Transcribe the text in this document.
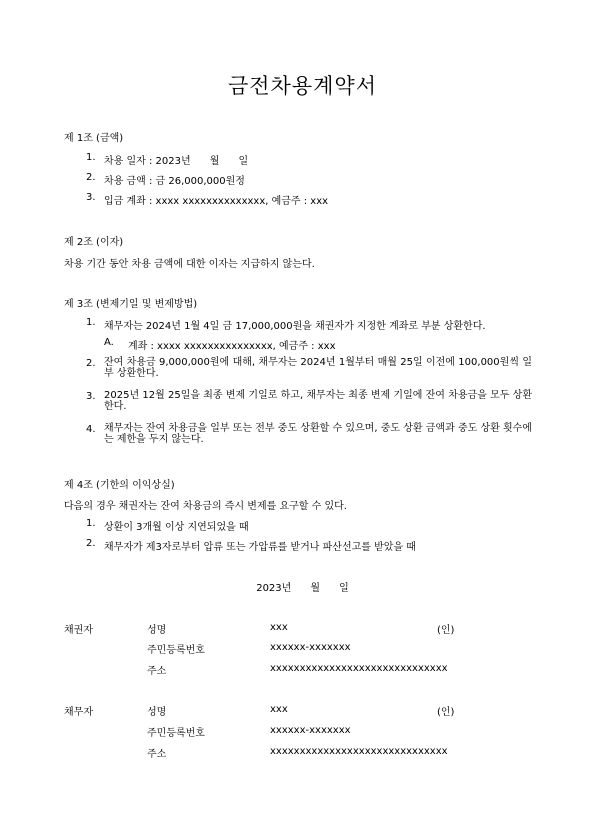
금전차용계약서
제 1조 (금액)
1. 차용 일자 : 2023년      월      일
2. 차용 금액 : 금 26,000,000원정
3. 입금 계좌 : xxxx xxxxxxxxxxxxxx, 예금주 : xxx
제 2조 (이자)
차용 기간 동안 차용 금액에 대한 이자는 지급하지 않는다.
제 3조 (변제기일 및 변제방법)
1. 채무자는 2024년 1월 4일 금 17,000,000원을 채권자가 지정한 계좌로 부분 상환한다.
A. 계좌 : xxxx xxxxxxxxxxxxxxx, 예금주 : xxx
2. 잔여 차용금 9,000,000원에 대해, 채무자는 2024년 1월부터 매월 25일 이전에 100,000원씩 일부 상환한다.
3. 2025년 12월 25일을 최종 변제 기일로 하고, 채무자는 최종 변제 기일에 잔여 차용금을 모두 상환한다.
4. 채무자는 잔여 차용금을 일부 또는 전부 중도 상환할 수 있으며, 중도 상환 금액과 중도 상환 횟수에는 제한을 두지 않는다.
제 4조 (기한의 이익상실)
다음의 경우 채권자는 잔여 차용금의 즉시 변제를 요구할 수 있다.
1. 상환이 3개월 이상 지연되었을 때
2. 채무자가 제3자로부터 압류 또는 가압류를 받거나 파산선고를 받았을 때
2023년      월      일
채권자	성명	xxx	(인)
주민등록번호	xxxxxx-xxxxxxx
주소	xxxxxxxxxxxxxxxxxxxxxxxxxxxxxx
채무자	성명	xxx	(인)
주민등록번호	xxxxxx-xxxxxxx
주소	xxxxxxxxxxxxxxxxxxxxxxxxxxxxxx
